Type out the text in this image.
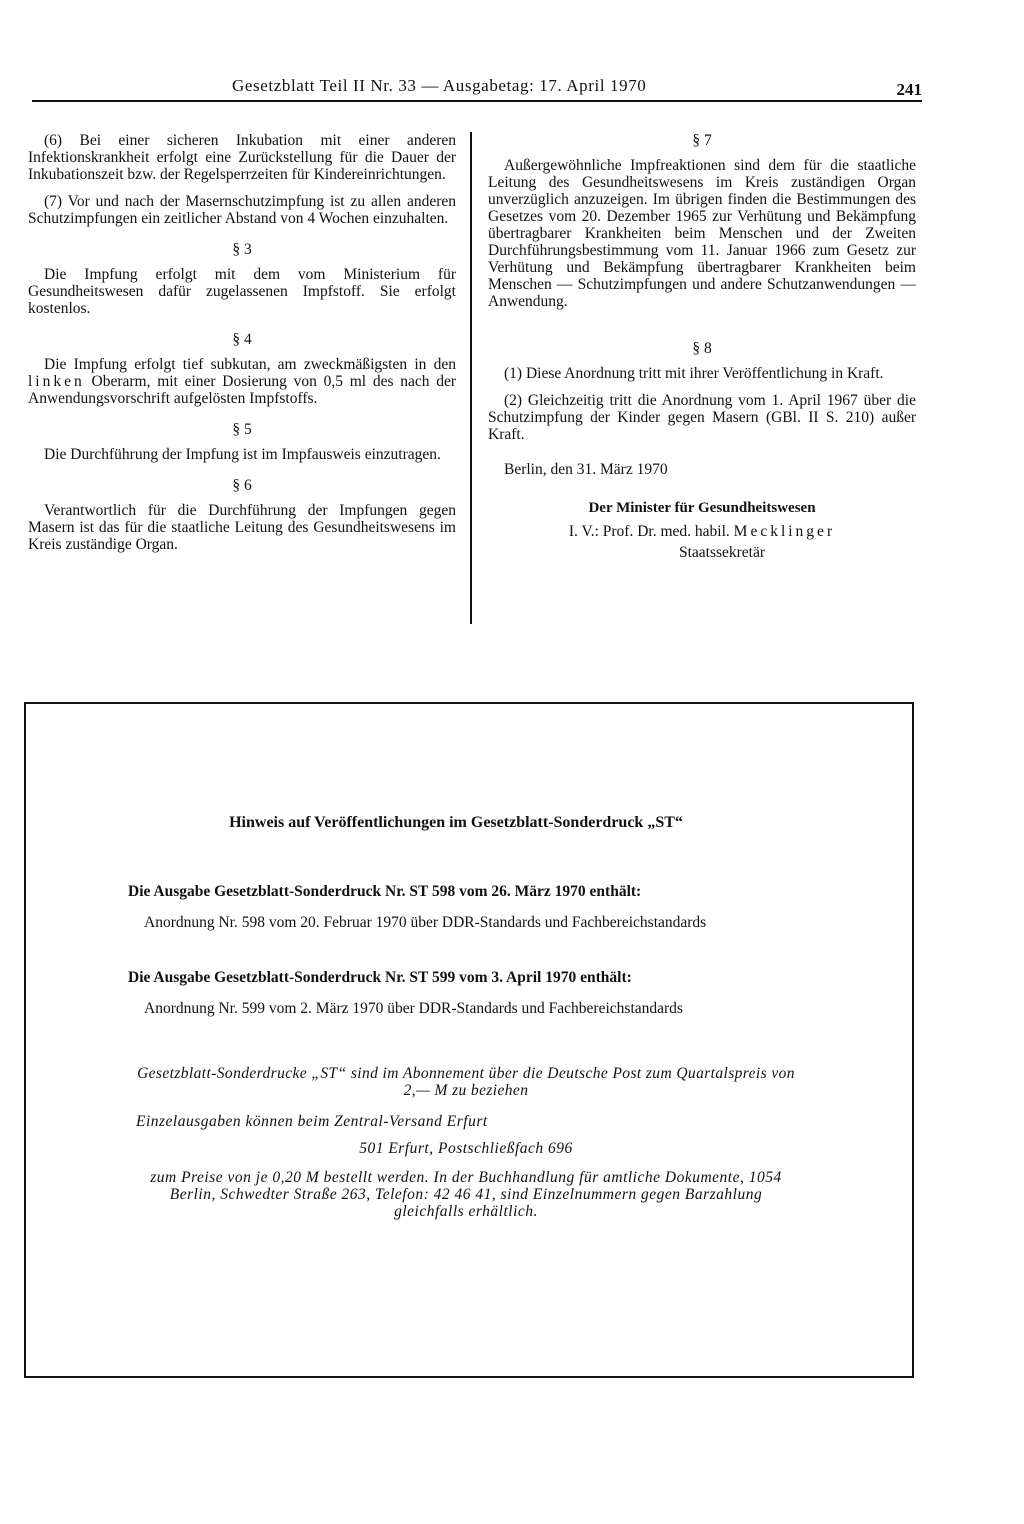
Gesetzblatt Teil II Nr. 33 — Ausgabetag: 17. April 1970	241

(6) Bei einer sicheren Inkubation mit einer anderen Infektionskrankheit erfolgt eine Zurückstellung für die Dauer der Inkubationszeit bzw. der Regelsperrzeiten für Kindereinrichtungen.

(7) Vor und nach der Masernschutzimpfung ist zu allen anderen Schutzimpfungen ein zeitlicher Abstand von 4 Wochen einzuhalten.

§ 3

Die Impfung erfolgt mit dem vom Ministerium für Gesundheitswesen dafür zugelassenen Impfstoff. Sie erfolgt kostenlos.

§ 4

Die Impfung erfolgt tief subkutan, am zweckmäßigsten in den linken Oberarm, mit einer Dosierung von 0,5 ml des nach der Anwendungsvorschrift aufgelösten Impfstoffs.

§ 5

Die Durchführung der Impfung ist im Impfausweis einzutragen.

§ 6

Verantwortlich für die Durchführung der Impfungen gegen Masern ist das für die staatliche Leitung des Gesundheitswesens im Kreis zuständige Organ.

§ 7

Außergewöhnliche Impfreaktionen sind dem für die staatliche Leitung des Gesundheitswesens im Kreis zuständigen Organ unverzüglich anzuzeigen. Im übrigen finden die Bestimmungen des Gesetzes vom 20. Dezember 1965 zur Verhütung und Bekämpfung übertragbarer Krankheiten beim Menschen und der Zweiten Durchführungsbestimmung vom 11. Januar 1966 zum Gesetz zur Verhütung und Bekämpfung übertragbarer Krankheiten beim Menschen — Schutzimpfungen und andere Schutzanwendungen — Anwendung.

§ 8

(1) Diese Anordnung tritt mit ihrer Veröffentlichung in Kraft.

(2) Gleichzeitig tritt die Anordnung vom 1. April 1967 über die Schutzimpfung der Kinder gegen Masern (GBl. II S. 210) außer Kraft.

Berlin, den 31. März 1970

Der Minister für Gesundheitswesen
I. V.: Prof. Dr. med. habil. Mecklinger
Staatssekretär
Hinweis auf Veröffentlichungen im Gesetzblatt-Sonderdruck „ST“
Die Ausgabe Gesetzblatt-Sonderdruck Nr. ST 598 vom 26. März 1970 enthält:

Anordnung Nr. 598 vom 20. Februar 1970 über DDR-Standards und Fachbereichstandards

Die Ausgabe Gesetzblatt-Sonderdruck Nr. ST 599 vom 3. April 1970 enthält:

Anordnung Nr. 599 vom 2. März 1970 über DDR-Standards und Fachbereichstandards

Gesetzblatt-Sonderdrucke „ST“ sind im Abonnement über die Deutsche Post zum Quartalspreis von 2,— M zu beziehen

Einzelausgaben können beim Zentral-Versand Erfurt

501 Erfurt, Postschließfach 696

zum Preise von je 0,20 M bestellt werden. In der Buchhandlung für amtliche Dokumente, 1054 Berlin, Schwedter Straße 263, Telefon: 42 46 41, sind Einzelnummern gegen Barzahlung gleichfalls erhältlich.
